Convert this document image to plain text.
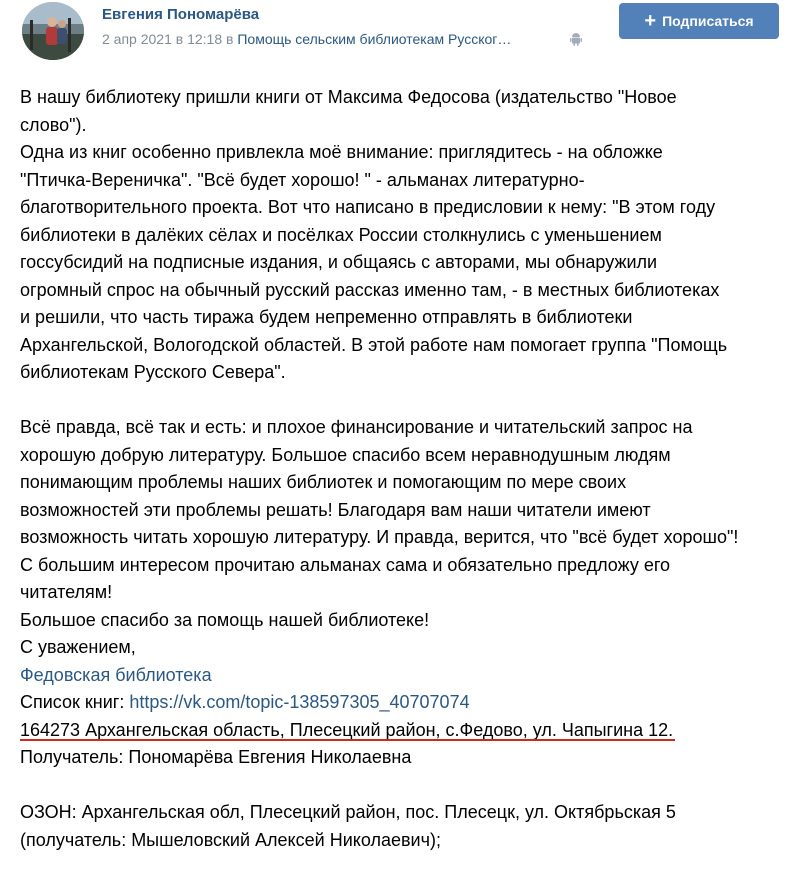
Евгения Пономарёва
2 апр 2021 в 12:18 в Помощь сельским библиотекам Русског…
+ Подписаться
В нашу библиотеку пришли книги от Максима Федосова (издательство "Новое
слово").
Одна из книг особенно привлекла моё внимание: приглядитесь - на обложке
"Птичка-Вереничка". "Всё будет хорошо! " - альманах литературно-
благотворительного проекта. Вот что написано в предисловии к нему: "В этом году
библиотеки в далёких сёлах и посёлках России столкнулись с уменьшением
госсубсидий на подписные издания, и общаясь с авторами, мы обнаружили
огромный спрос на обычный русский рассказ именно там, - в местных библиотеках
и решили, что часть тиража будем непременно отправлять в библиотеки
Архангельской, Вологодской областей. В этой работе нам помогает группа "Помощь
библиотекам Русского Севера".
Всё правда, всё так и есть: и плохое финансирование и читательский запрос на
хорошую добрую литературу. Большое спасибо всем неравнодушным людям
понимающим проблемы наших библиотек и помогающим по мере своих
возможностей эти проблемы решать! Благодаря вам наши читатели имеют
возможность читать хорошую литературу. И правда, верится, что "всё будет хорошо"!
С большим интересом прочитаю альманах сама и обязательно предложу его
читателям!
Большое спасибо за помощь нашей библиотеке!
С уважением,
Федовская библиотека
Список книг: https://vk.com/topic-138597305_40707074
164273 Архангельская область, Плесецкий район, с.Федово, ул. Чапыгина 12.
Получатель: Пономарёва Евгения Николаевна
ОЗОН: Архангельская обл, Плесецкий район, пос. Плесецк, ул. Октябрьская 5
(получатель: Мышеловский Алексей Николаевич);
